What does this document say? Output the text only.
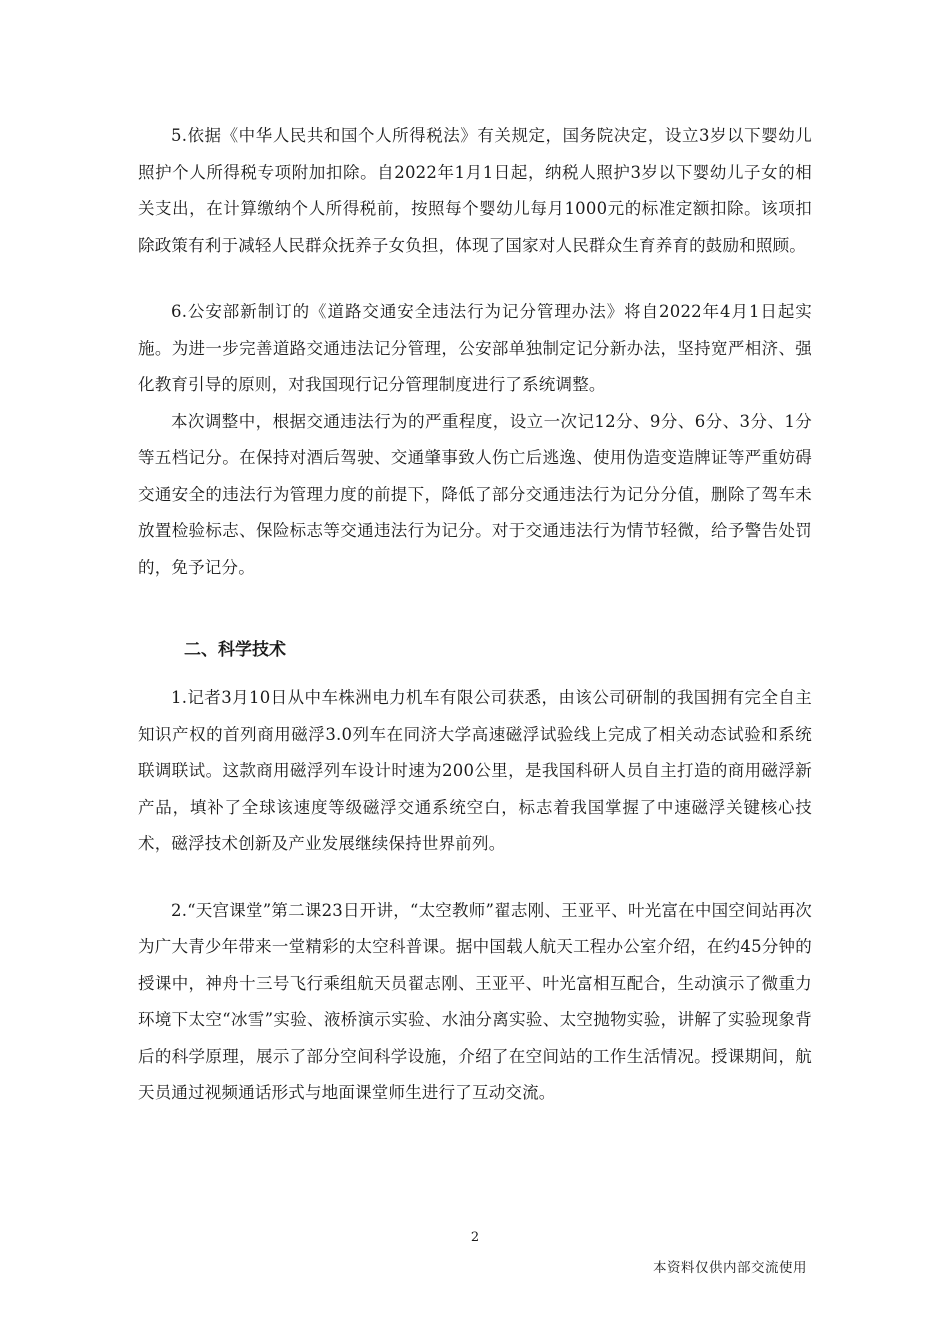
5.依据《中华人民共和国个人所得税法》有关规定，国务院决定，设立3岁以下婴幼儿照护个人所得税专项附加扣除。自2022年1月1日起，纳税人照护3岁以下婴幼儿子女的相关支出，在计算缴纳个人所得税前，按照每个婴幼儿每月1000元的标准定额扣除。该项扣除政策有利于减轻人民群众抚养子女负担，体现了国家对人民群众生育养育的鼓励和照顾。

6.公安部新制订的《道路交通安全违法行为记分管理办法》将自2022年4月1日起实施。为进一步完善道路交通违法记分管理，公安部单独制定记分新办法，坚持宽严相济、强化教育引导的原则，对我国现行记分管理制度进行了系统调整。

本次调整中，根据交通违法行为的严重程度，设立一次记12分、9分、6分、3分、1分等五档记分。在保持对酒后驾驶、交通肇事致人伤亡后逃逸、使用伪造变造牌证等严重妨碍交通安全的违法行为管理力度的前提下，降低了部分交通违法行为记分分值，删除了驾车未放置检验标志、保险标志等交通违法行为记分。对于交通违法行为情节轻微，给予警告处罚的，免予记分。

二、科学技术

1.记者3月10日从中车株洲电力机车有限公司获悉，由该公司研制的我国拥有完全自主知识产权的首列商用磁浮3.0列车在同济大学高速磁浮试验线上完成了相关动态试验和系统联调联试。这款商用磁浮列车设计时速为200公里，是我国科研人员自主打造的商用磁浮新产品，填补了全球该速度等级磁浮交通系统空白，标志着我国掌握了中速磁浮关键核心技术，磁浮技术创新及产业发展继续保持世界前列。

2.“天宫课堂”第二课23日开讲，“太空教师”翟志刚、王亚平、叶光富在中国空间站再次为广大青少年带来一堂精彩的太空科普课。据中国载人航天工程办公室介绍，在约45分钟的授课中，神舟十三号飞行乘组航天员翟志刚、王亚平、叶光富相互配合，生动演示了微重力环境下太空“冰雪”实验、液桥演示实验、水油分离实验、太空抛物实验，讲解了实验现象背后的科学原理，展示了部分空间科学设施，介绍了在空间站的工作生活情况。授课期间，航天员通过视频通话形式与地面课堂师生进行了互动交流。

2
本资料仅供内部交流使用
